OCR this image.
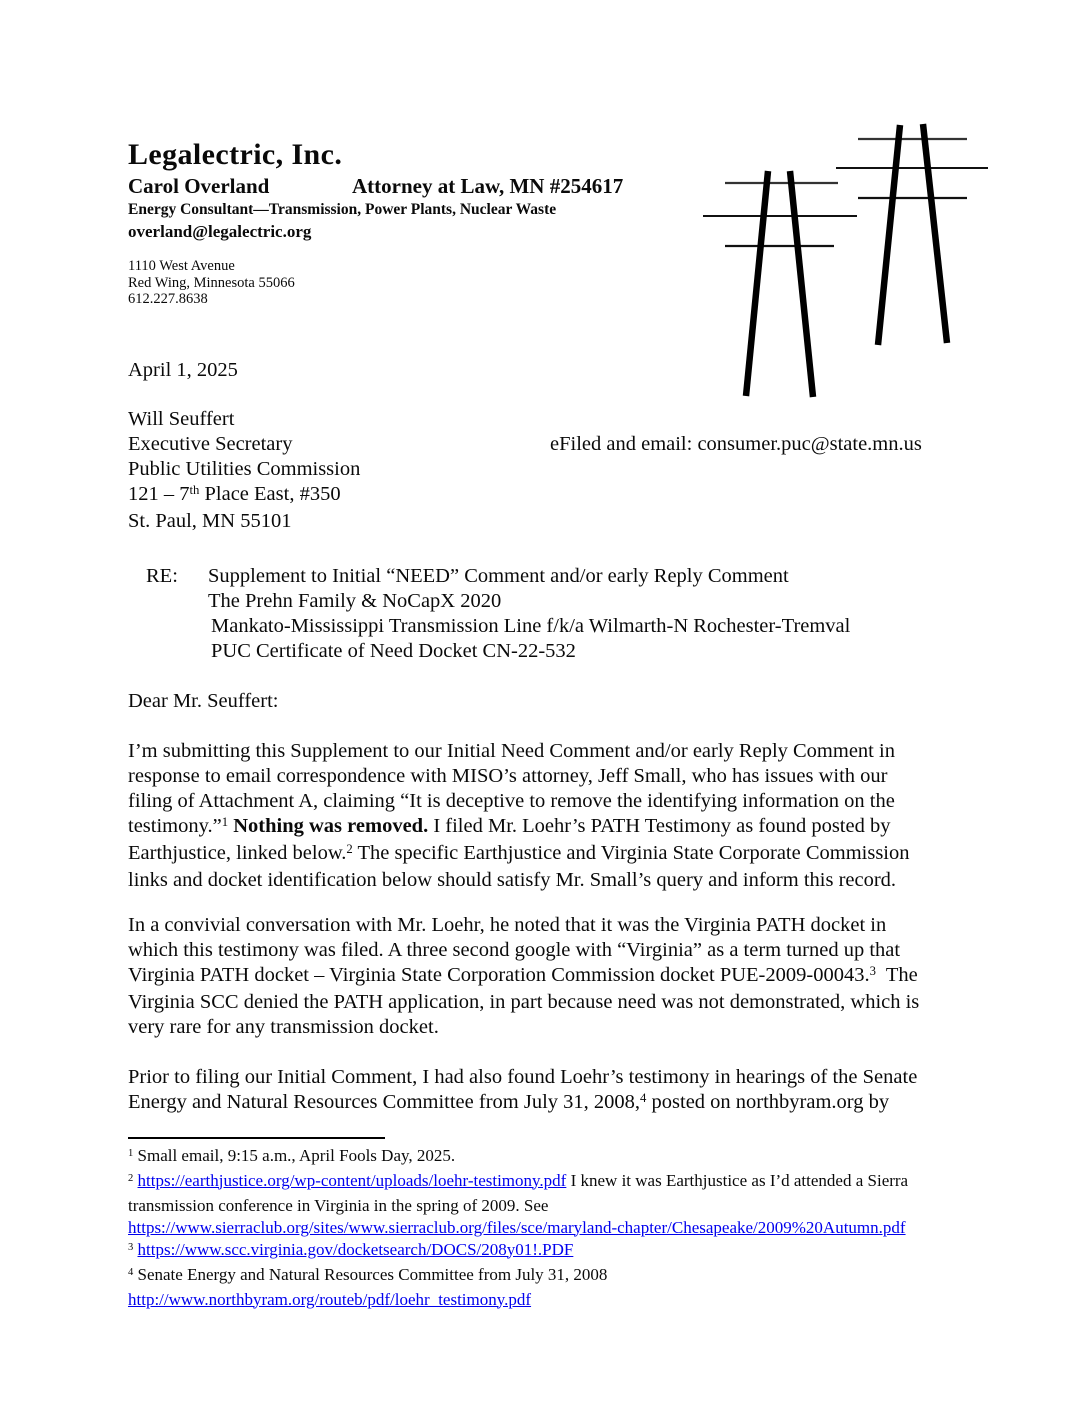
Legalectric, Inc.
Carol Overland	Attorney at Law, MN #254617
Energy Consultant—Transmission, Power Plants, Nuclear Waste
overland@legalectric.org
1110 West Avenue
Red Wing, Minnesota 55066
612.227.8638
April 1, 2025
Will Seuffert
Executive Secretary
Public Utilities Commission
121 – 7th Place East, #350
St. Paul, MN 55101
eFiled and email: consumer.puc@state.mn.us
RE:	Supplement to Initial “NEED” Comment and/or early Reply Comment
The Prehn Family & NoCapX 2020
Mankato-Mississippi Transmission Line f/k/a Wilmarth-N Rochester-Tremval
PUC Certificate of Need Docket CN-22-532
Dear Mr. Seuffert:
I’m submitting this Supplement to our Initial Need Comment and/or early Reply Comment in
response to email correspondence with MISO’s attorney, Jeff Small, who has issues with our
filing of Attachment A, claiming “It is deceptive to remove the identifying information on the
testimony.”$^1$ Nothing was removed. I filed Mr. Loehr’s PATH Testimony as found posted by
Earthjustice, linked below.$^2$ The specific Earthjustice and Virginia State Corporate Commission
links and docket identification below should satisfy Mr. Small’s query and inform this record.
In a convivial conversation with Mr. Loehr, he noted that it was the Virginia PATH docket in
which this testimony was filed. A three second google with “Virginia” as a term turned up that
Virginia PATH docket – Virginia State Corporation Commission docket PUE-2009-00043.$^3$  The
Virginia SCC denied the PATH application, in part because need was not demonstrated, which is
very rare for any transmission docket.
Prior to filing our Initial Comment, I had also found Loehr’s testimony in hearings of the Senate
Energy and Natural Resources Committee from July 31, 2008,$^4$ posted on northbyram.org by
$^1$ Small email, 9:15 a.m., April Fools Day, 2025.
$^2$ https://earthjustice.org/wp-content/uploads/loehr-testimony.pdf I knew it was Earthjustice as I’d attended a Sierra
transmission conference in Virginia in the spring of 2009. See
https://www.sierraclub.org/sites/www.sierraclub.org/files/sce/maryland-chapter/Chesapeake/2009%20Autumn.pdf
$^3$ https://www.scc.virginia.gov/docketsearch/DOCS/208y01!.PDF
$^4$ Senate Energy and Natural Resources Committee from July 31, 2008
http://www.northbyram.org/routeb/pdf/loehr_testimony.pdf
